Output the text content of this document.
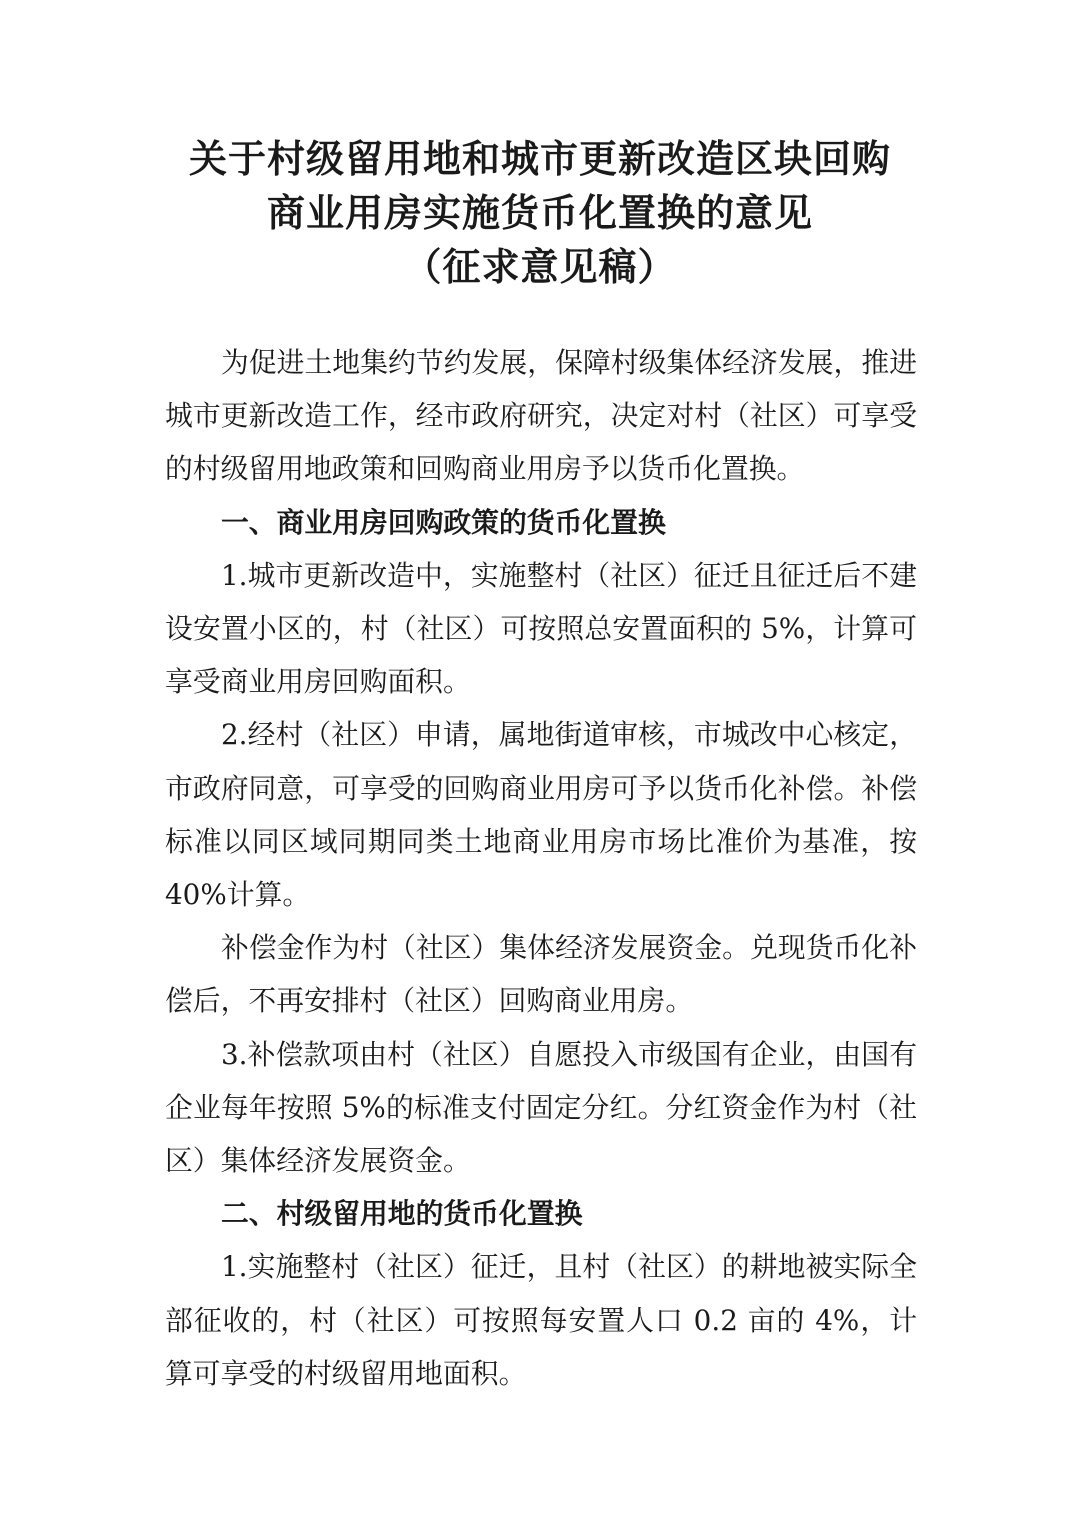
关于村级留用地和城市更新改造区块回购
商业用房实施货币化置换的意见
（征求意见稿）

为促进土地集约节约发展，保障村级集体经济发展，推进城市更新改造工作，经市政府研究，决定对村（社区）可享受的村级留用地政策和回购商业用房予以货币化置换。

一、商业用房回购政策的货币化置换

1.城市更新改造中，实施整村（社区）征迁且征迁后不建设安置小区的，村（社区）可按照总安置面积的 5%，计算可享受商业用房回购面积。

2.经村（社区）申请，属地街道审核，市城改中心核定，市政府同意，可享受的回购商业用房可予以货币化补偿。补偿标准以同区域同期同类土地商业用房市场比准价为基准，按 40%计算。

补偿金作为村（社区）集体经济发展资金。兑现货币化补偿后，不再安排村（社区）回购商业用房。

3.补偿款项由村（社区）自愿投入市级国有企业，由国有企业每年按照 5%的标准支付固定分红。分红资金作为村（社区）集体经济发展资金。

二、村级留用地的货币化置换

1.实施整村（社区）征迁，且村（社区）的耕地被实际全部征收的，村（社区）可按照每安置人口 0.2 亩的 4%，计算可享受的村级留用地面积。
